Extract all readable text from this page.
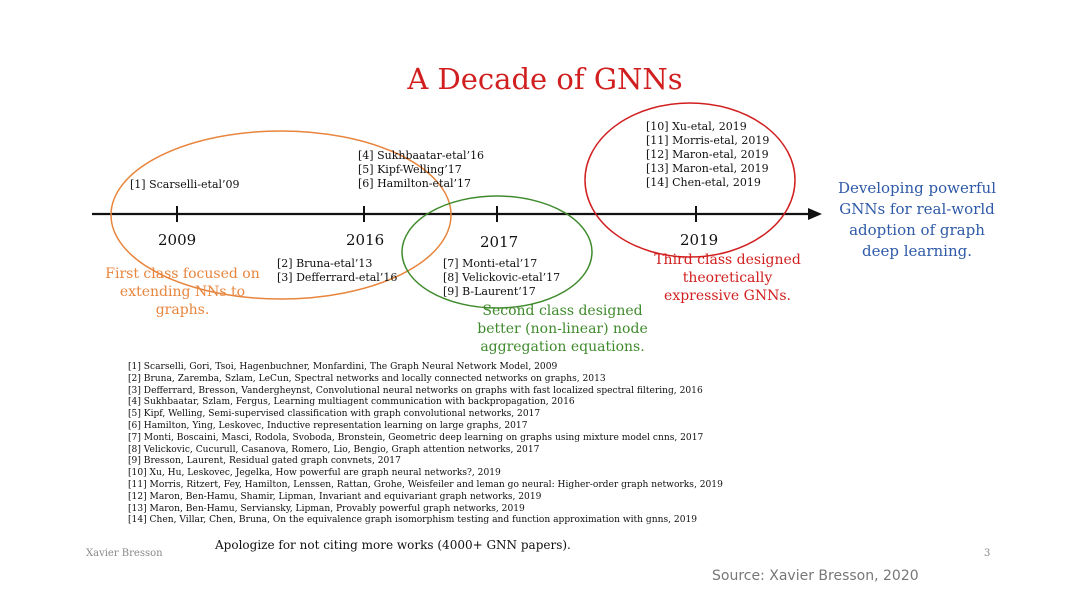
A Decade of GNNs
2009	2016	2017	2019
[1] Scarselli-etal’09
[4] Sukhbaatar-etal’16
[5] Kipf-Welling’17
[6] Hamilton-etal’17
[2] Bruna-etal’13
[3] Defferrard-etal’16
[7] Monti-etal’17
[8] Velickovic-etal’17
[9] B-Laurent’17
[10] Xu-etal, 2019
[11] Morris-etal, 2019
[12] Maron-etal, 2019
[13] Maron-etal, 2019
[14] Chen-etal, 2019
First class focused on
extending NNs to
graphs.	Second class designed
better (non-linear) node
aggregation equations.
Third class designed
theoretically
expressive GNNs.
Developing powerful
GNNs for real-world
adoption of graph
deep learning.
[1] Scarselli, Gori, Tsoi, Hagenbuchner, Monfardini, The Graph Neural Network Model, 2009
[2] Bruna, Zaremba, Szlam, LeCun, Spectral networks and locally connected networks on graphs, 2013
[3] Defferrard, Bresson, Vandergheynst, Convolutional neural networks on graphs with fast localized spectral filtering, 2016
[4] Sukhbaatar, Szlam, Fergus, Learning multiagent communication with backpropagation, 2016
[5] Kipf, Welling, Semi-supervised classification with graph convolutional networks, 2017
[6] Hamilton, Ying, Leskovec, Inductive representation learning on large graphs, 2017
[7] Monti, Boscaini, Masci, Rodola, Svoboda, Bronstein, Geometric deep learning on graphs using mixture model cnns, 2017
[8] Velickovic, Cucurull, Casanova, Romero, Lio, Bengio, Graph attention networks, 2017
[9] Bresson, Laurent, Residual gated graph convnets, 2017
[10] Xu, Hu, Leskovec, Jegelka, How powerful are graph neural networks?, 2019
[11] Morris, Ritzert, Fey, Hamilton, Lenssen, Rattan, Grohe, Weisfeiler and leman go neural: Higher-order graph networks, 2019
[12] Maron, Ben-Hamu, Shamir, Lipman, Invariant and equivariant graph networks, 2019
[13] Maron, Ben-Hamu, Serviansky, Lipman, Provably powerful graph networks, 2019
[14] Chen, Villar, Chen, Bruna, On the equivalence graph isomorphism testing and function approximation with gnns, 2019
Xavier Bresson
Apologize for not citing more works (4000+ GNN papers).
3
Source: Xavier Bresson, 2020
